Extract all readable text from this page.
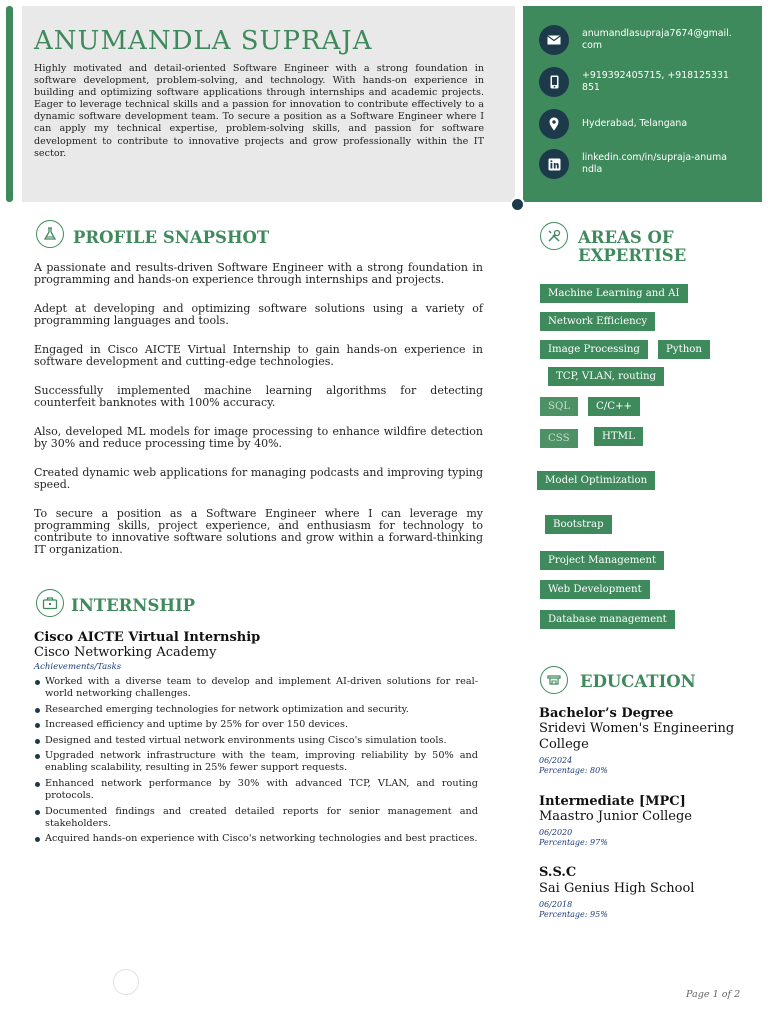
ANUMANDLA SUPRAJA
Highly motivated and detail-oriented Software Engineer with a strong foundation in software development, problem-solving, and technology. With hands-on experience in building and optimizing software applications through internships and academic projects. Eager to leverage technical skills and a passion for innovation to contribute effectively to a dynamic software development team. To secure a position as a Software Engineer where I can apply my technical expertise, problem-solving skills, and passion for software development to contribute to innovative projects and grow professionally within the IT sector.
anumandlasupraja7674@gmail.com
+919392405715, +918125331851
Hyderabad, Telangana
linkedin.com/in/supraja-anumandla
PROFILE SNAPSHOT
A passionate and results-driven Software Engineer with a strong foundation in programming and hands-on experience through internships and projects.
Adept at developing and optimizing software solutions using a variety of programming languages and tools.
Engaged in Cisco AICTE Virtual Internship to gain hands-on experience in software development and cutting-edge technologies.
Successfully implemented machine learning algorithms for detecting counterfeit banknotes with 100% accuracy.
Also, developed ML models for image processing to enhance wildfire detection by 30% and reduce processing time by 40%.
Created dynamic web applications for managing podcasts and improving typing speed.
To secure a position as a Software Engineer where I can leverage my programming skills, project experience, and enthusiasm for technology to contribute to innovative software solutions and grow within a forward-thinking IT organization.
INTERNSHIP
Cisco AICTE Virtual Internship
Cisco Networking Academy
Achievements/Tasks
Worked with a diverse team to develop and implement AI-driven solutions for real-world networking challenges.
Researched emerging technologies for network optimization and security.
Increased efficiency and uptime by 25% for over 150 devices.
Designed and tested virtual network environments using Cisco's simulation tools.
Upgraded network infrastructure with the team, improving reliability by 50% and enabling scalability, resulting in 25% fewer support requests.
Enhanced network performance by 30% with advanced TCP, VLAN, and routing protocols.
Documented findings and created detailed reports for senior management and stakeholders.
Acquired hands-on experience with Cisco's networking technologies and best practices.
AREAS OF
EXPERTISE
Machine Learning and AI
Network Efficiency
Image Processing	Python
TCP, VLAN, routing
SQL	C/C++
CSS	HTML
Model Optimization
Bootstrap
Project Management
Web Development
Database management
EDUCATION
Bachelor’s Degree
Sridevi Women's Engineering College
06/2024
Percentage: 80%
Intermediate [MPC]
Maastro Junior College
06/2020
Percentage: 97%
S.S.C
Sai Genius High School
06/2018
Percentage: 95%
Page 1 of 2
